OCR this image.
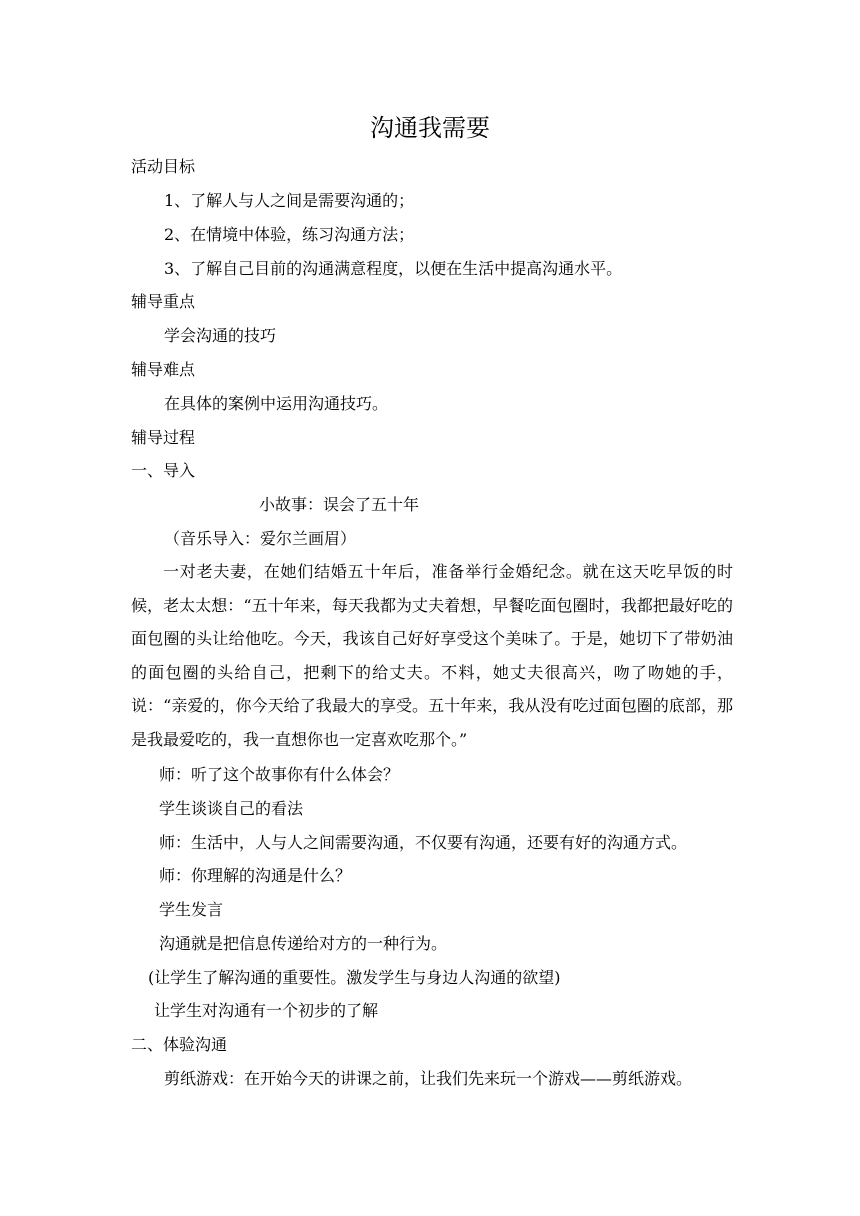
沟通我需要
活动目标
1、了解人与人之间是需要沟通的；
2、在情境中体验，练习沟通方法；
3、了解自己目前的沟通满意程度，以便在生活中提高沟通水平。
辅导重点
学会沟通的技巧
辅导难点
在具体的案例中运用沟通技巧。
辅导过程
一、导入
小故事：误会了五十年
（音乐导入：爱尔兰画眉）
一对老夫妻，在她们结婚五十年后，准备举行金婚纪念。就在这天吃早饭的时候，老太太想：“五十年来，每天我都为丈夫着想，早餐吃面包圈时，我都把最好吃的面包圈的头让给他吃。今天，我该自己好好享受这个美味了。于是，她切下了带奶油的面包圈的头给自己，把剩下的给丈夫。不料，她丈夫很高兴，吻了吻她的手，说：“亲爱的，你今天给了我最大的享受。五十年来，我从没有吃过面包圈的底部，那是我最爱吃的，我一直想你也一定喜欢吃那个。”
师：听了这个故事你有什么体会？
学生谈谈自己的看法
师：生活中，人与人之间需要沟通，不仅要有沟通，还要有好的沟通方式。
师：你理解的沟通是什么？
学生发言
沟通就是把信息传递给对方的一种行为。
(让学生了解沟通的重要性。激发学生与身边人沟通的欲望)
让学生对沟通有一个初步的了解
二、体验沟通
剪纸游戏：在开始今天的讲课之前，让我们先来玩一个游戏——剪纸游戏。
